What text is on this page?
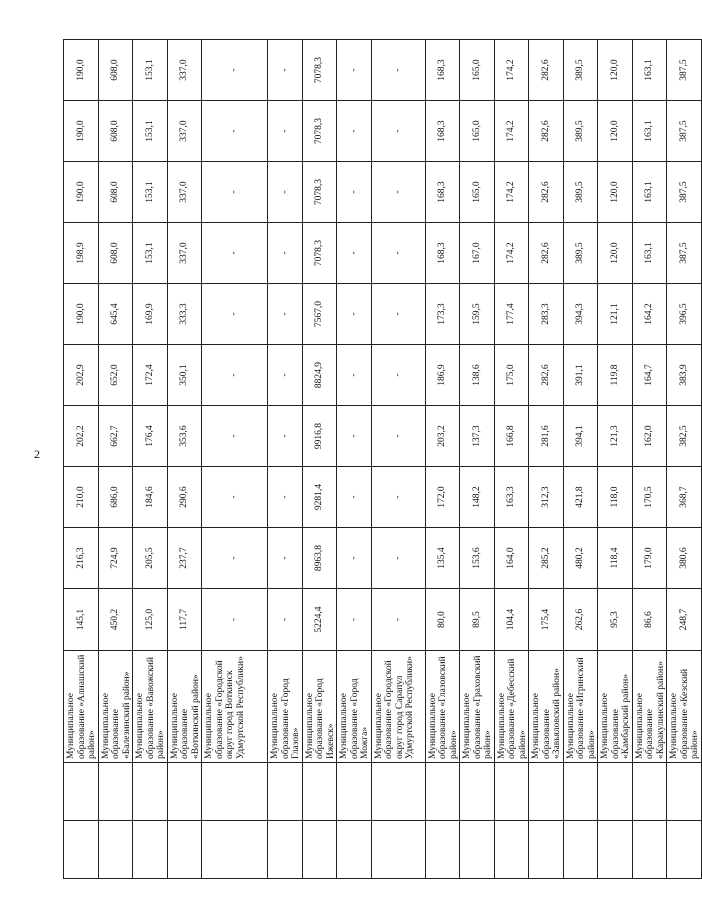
2
		Муниципальное образование «Алнашский район»	145,1	216,3	210,0	202,2	202,9	190,0	198,9	190,0	190,0	190,0
		Муниципальное образование «Балезинский район»	450,2	724,9	686,0	662,7	652,0	645,4	608,0	608,0	608,0	608,0
		Муниципальное образование «Вавожский район»	125,0	205,5	184,6	176,4	172,4	169,9	153,1	153,1	153,1	153,1
		Муниципальное образование «Воткинский район»	117,7	237,7	290,6	353,6	350,1	333,3	337,0	337,0	337,0	337,0
		Муниципальное образование «Городской округ город Воткинск Удмуртской Республики»	-	-	-	-	-	-	-	-	-	-
		Муниципальное образование «Город Глазов»	-	-	-	-	-	-	-	-	-	-
		Муниципальное образование «Город Ижевск»	5224,4	8963,8	9281,4	9916,8	8824,9	7567,0	7078,3	7078,3	7078,3	7078,3
		Муниципальное образование «Город Можга»	-	-	-	-	-	-	-	-	-	-
		Муниципальное образование «Городской округ город Сарапул Удмуртской Республики»	-	-	-	-	-	-	-	-	-	-
		Муниципальное образование «Глазовский район»	80,0	135,4	172,0	203,2	186,9	173,3	168,3	168,3	168,3	168,3
		Муниципальное образование «Граховский район»	89,5	153,6	148,2	137,3	138,6	159,5	167,0	165,0	165,0	165,0
		Муниципальное образование «Дебесский район»	104,4	164,0	163,3	166,8	175,0	177,4	174,2	174,2	174,2	174,2
		Муниципальное образование «Завьяловский район»	175,4	285,2	312,3	281,6	282,6	283,3	282,6	282,6	282,6	282,6
		Муниципальное образование «Игринский район»	262,6	480,2	421,8	394,1	391,1	394,3	389,5	389,5	389,5	389,5
		Муниципальное образование «Камбарский район»	95,3	118,4	118,0	121,3	119,8	121,1	120,0	120,0	120,0	120,0
		Муниципальное образование «Каракулинский район»	86,6	179,0	170,5	162,0	164,7	164,2	163,1	163,1	163,1	163,1
		Муниципальное образование «Кезский район»	248,7	380,6	368,7	382,5	383,9	396,5	387,5	387,5	387,5	387,5
